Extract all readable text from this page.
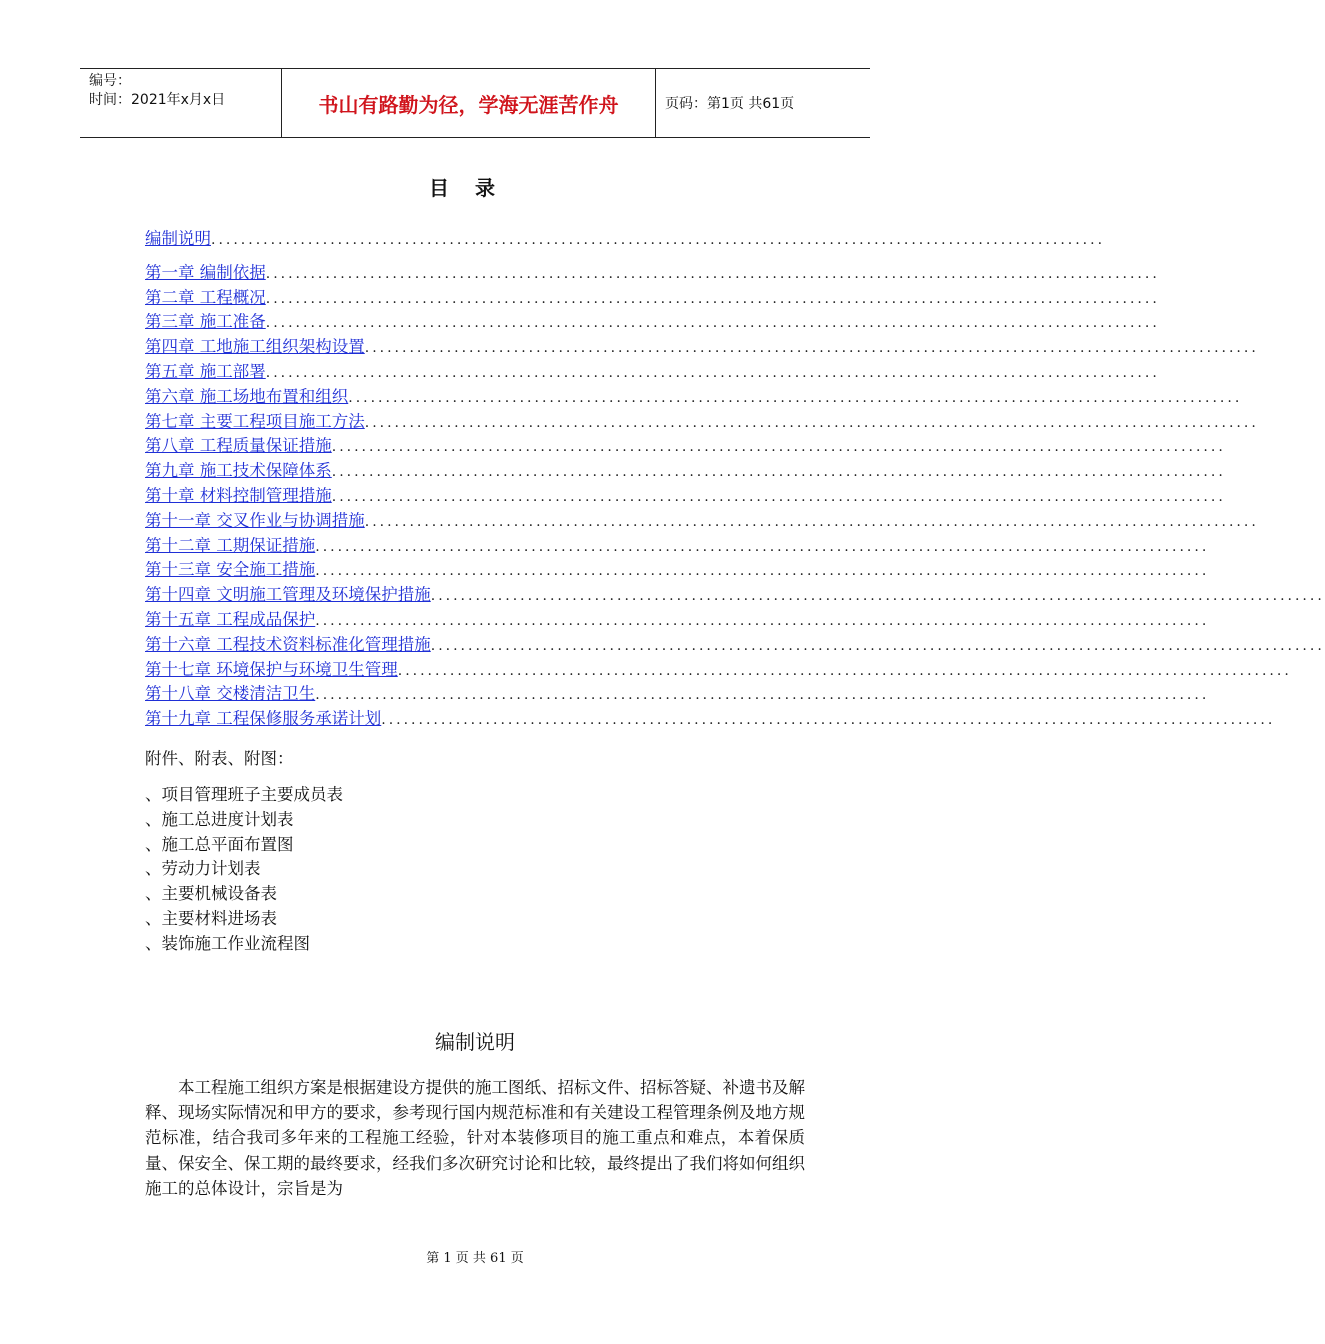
编号：
时间：2021年x月x日	书山有路勤为径，学海无涯苦作舟	页码：第1页 共61页
目录
编制说明 ........................................................................................................................
第一章 编制依据 ........................................................................................................................
第二章 工程概况 ........................................................................................................................
第三章 施工准备 ........................................................................................................................
第四章 工地施工组织架构设置 ........................................................................................................................
第五章 施工部署 ........................................................................................................................
第六章 施工场地布置和组织 ........................................................................................................................
第七章 主要工程项目施工方法 ........................................................................................................................
第八章 工程质量保证措施 ........................................................................................................................
第九章 施工技术保障体系 ........................................................................................................................
第十章 材料控制管理措施 ........................................................................................................................
第十一章 交叉作业与协调措施 ........................................................................................................................
第十二章 工期保证措施 ........................................................................................................................
第十三章 安全施工措施 ........................................................................................................................
第十四章 文明施工管理及环境保护措施 ........................................................................................................................
第十五章 工程成品保护 ........................................................................................................................
第十六章 工程技术资料标准化管理措施 ........................................................................................................................
第十七章 环境保护与环境卫生管理 ........................................................................................................................
第十八章 交楼清洁卫生 ........................................................................................................................
第十九章 工程保修服务承诺计划 ........................................................................................................................
附件、附表、附图：
、项目管理班子主要成员表
、施工总进度计划表
、施工总平面布置图
、劳动力计划表
、主要机械设备表
、主要材料进场表
、装饰施工作业流程图
编制说明
本工程施工组织方案是根据建设方提供的施工图纸、招标文件、招标答疑、补遗书及解释、现场实际情况和甲方的要求，参考现行国内规范标准和有关建设工程管理条例及地方规范标准，结合我司多年来的工程施工经验，针对本装修项目的施工重点和难点，本着保质量、保安全、保工期的最终要求，经我们多次研究讨论和比较，最终提出了我们将如何组织施工的总体设计，宗旨是为
第 1 页 共 61 页
